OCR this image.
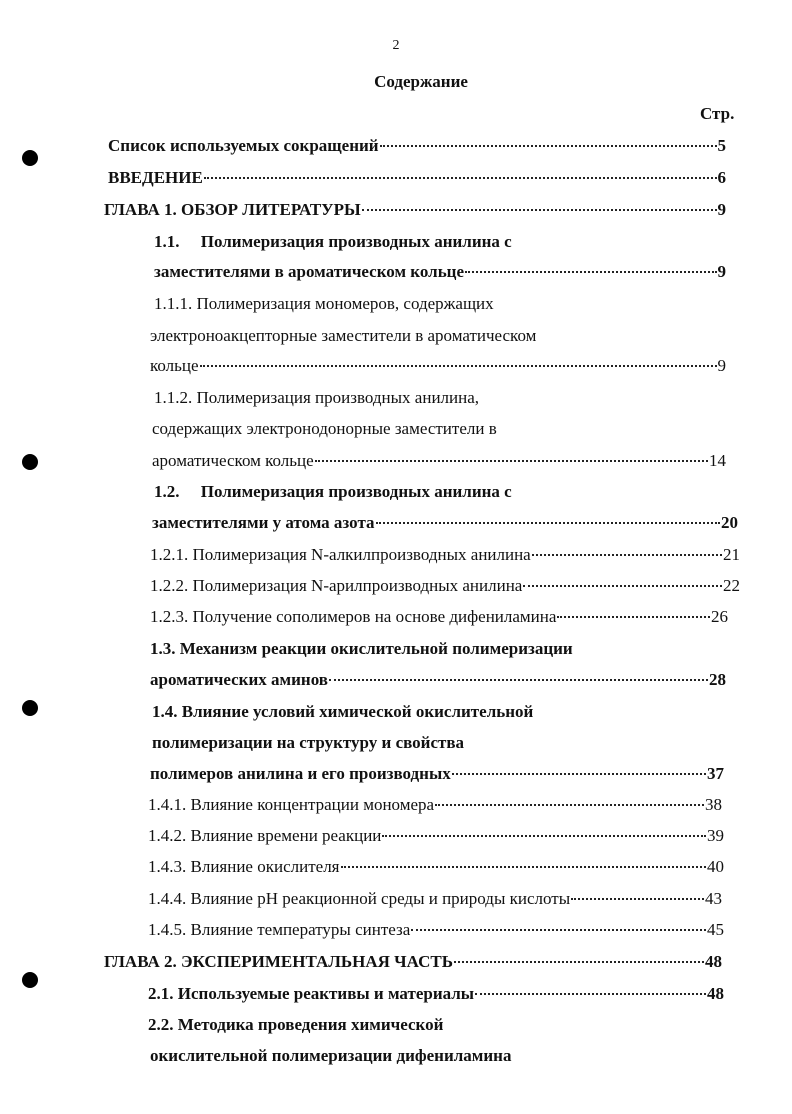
2
Содержание
Стр.
Список используемых сокращений	5
ВВЕДЕНИЕ	6
ГЛАВА 1. ОБЗОР ЛИТЕРАТУРЫ	9
1.1.     Полимеризация производных анилина с
заместителями в ароматическом кольце	9
1.1.1. Полимеризация мономеров, содержащих
электроноакцепторные заместители в ароматическом
кольце	9
1.1.2. Полимеризация производных анилина,
содержащих электронодонорные заместители в
ароматическом кольце	14
1.2.     Полимеризация производных анилина с
заместителями у атома азота	20
1.2.1. Полимеризация N-алкилпроизводных анилина	21
1.2.2. Полимеризация N-арилпроизводных анилина	22
1.2.3. Получение сополимеров на основе дифениламина	26
1.3. Механизм реакции окислительной полимеризации
ароматических аминов	28
1.4. Влияние условий химической окислительной
полимеризации на структуру и свойства
полимеров анилина и его производных	37
1.4.1. Влияние концентрации мономера	38
1.4.2. Влияние времени реакции	39
1.4.3. Влияние окислителя	40
1.4.4. Влияние pH реакционной среды и природы кислоты	43
1.4.5. Влияние температуры синтеза	45
ГЛАВА 2. ЭКСПЕРИМЕНТАЛЬНАЯ ЧАСТЬ	48
2.1. Используемые реактивы и материалы	48
2.2. Методика проведения химической
окислительной полимеризации дифениламина
